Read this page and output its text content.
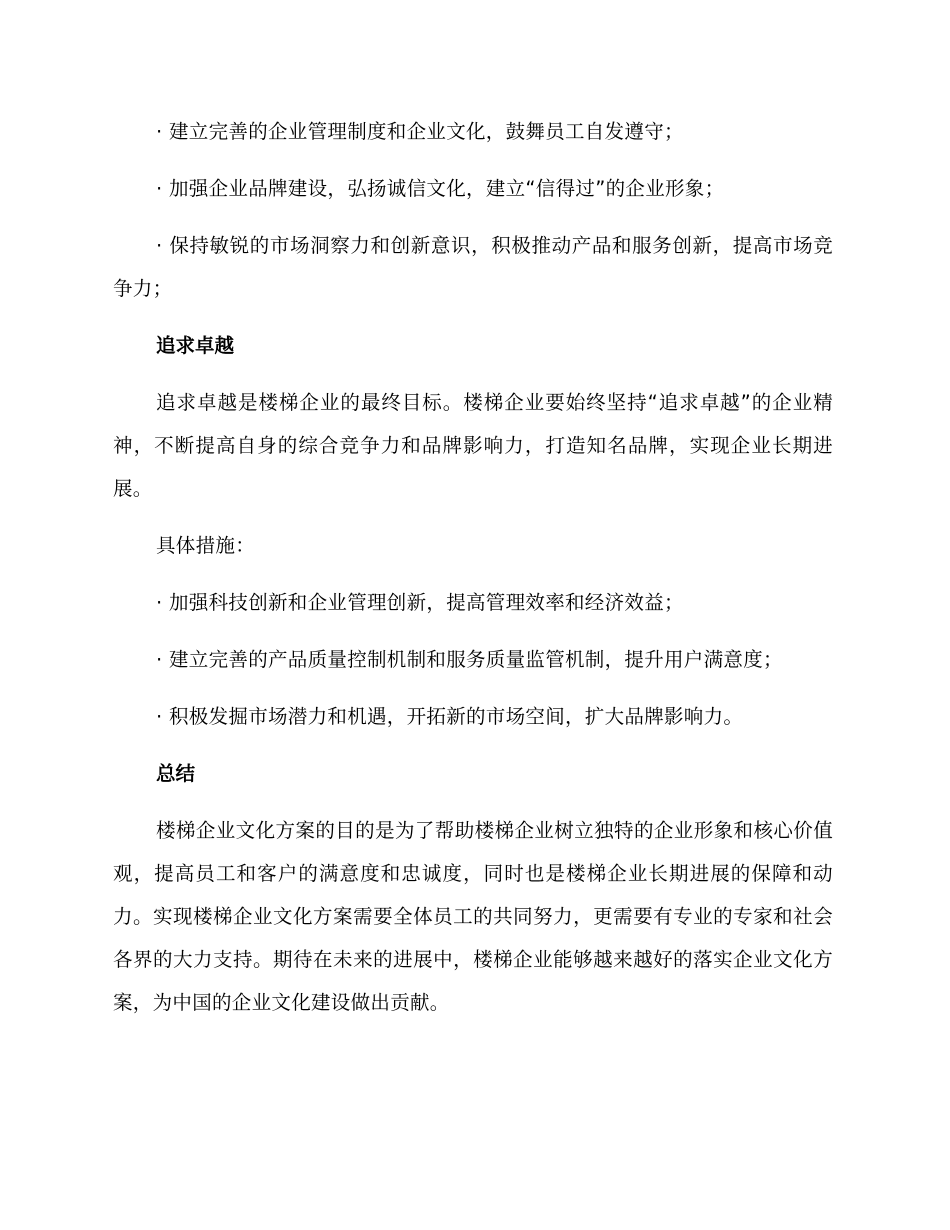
· 建立完善的企业管理制度和企业文化，鼓舞员工自发遵守；

· 加强企业品牌建设，弘扬诚信文化，建立“信得过”的企业形象；

· 保持敏锐的市场洞察力和创新意识，积极推动产品和服务创新，提高市场竞争力；

追求卓越

追求卓越是楼梯企业的最终目标。楼梯企业要始终坚持“追求卓越”的企业精神，不断提高自身的综合竞争力和品牌影响力，打造知名品牌，实现企业长期进展。

具体措施：

· 加强科技创新和企业管理创新，提高管理效率和经济效益；

· 建立完善的产品质量控制机制和服务质量监管机制，提升用户满意度；

· 积极发掘市场潜力和机遇，开拓新的市场空间，扩大品牌影响力。

总结

楼梯企业文化方案的目的是为了帮助楼梯企业树立独特的企业形象和核心价值观，提高员工和客户的满意度和忠诚度，同时也是楼梯企业长期进展的保障和动力。实现楼梯企业文化方案需要全体员工的共同努力，更需要有专业的专家和社会各界的大力支持。期待在未来的进展中，楼梯企业能够越来越好的落实企业文化方案，为中国的企业文化建设做出贡献。
